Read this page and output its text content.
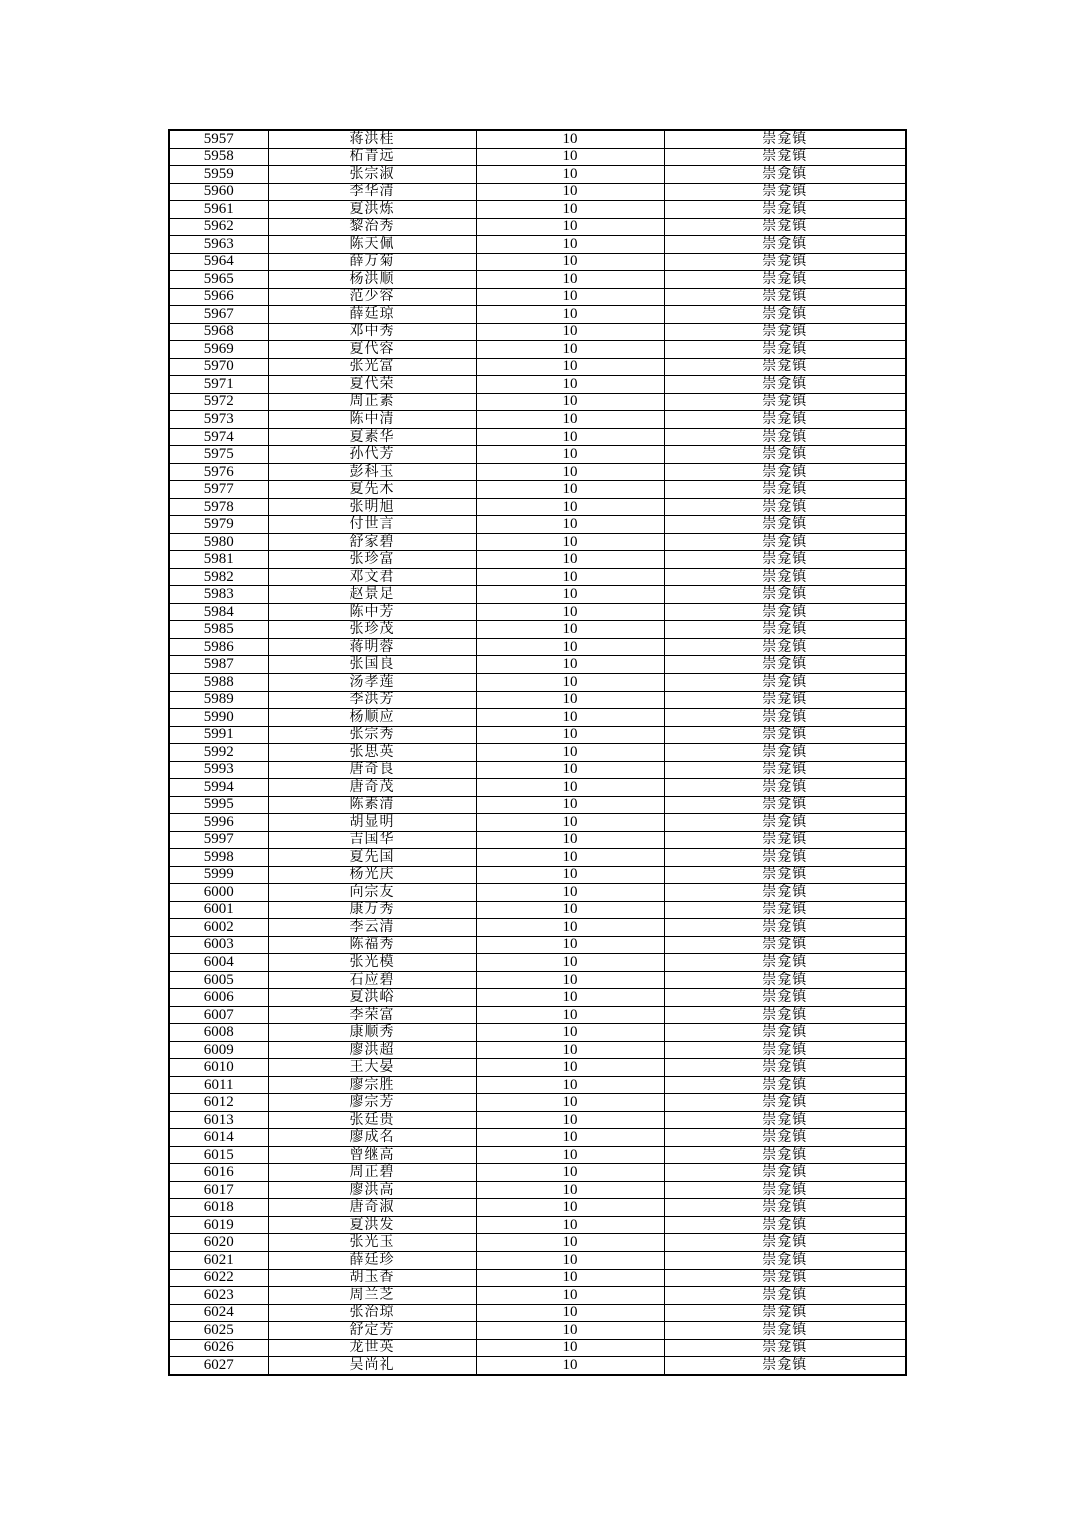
5957	蒋洪桂	10	崇龛镇
5958	柘青远	10	崇龛镇
5959	张宗淑	10	崇龛镇
5960	李华清	10	崇龛镇
5961	夏洪炼	10	崇龛镇
5962	黎治秀	10	崇龛镇
5963	陈天佩	10	崇龛镇
5964	薛万菊	10	崇龛镇
5965	杨洪顺	10	崇龛镇
5966	范少容	10	崇龛镇
5967	薛廷琼	10	崇龛镇
5968	邓中秀	10	崇龛镇
5969	夏代容	10	崇龛镇
5970	张光富	10	崇龛镇
5971	夏代荣	10	崇龛镇
5972	周正素	10	崇龛镇
5973	陈中清	10	崇龛镇
5974	夏素华	10	崇龛镇
5975	孙代芳	10	崇龛镇
5976	彭科玉	10	崇龛镇
5977	夏先木	10	崇龛镇
5978	张明旭	10	崇龛镇
5979	付世言	10	崇龛镇
5980	舒家碧	10	崇龛镇
5981	张珍富	10	崇龛镇
5982	邓文君	10	崇龛镇
5983	赵景足	10	崇龛镇
5984	陈中芳	10	崇龛镇
5985	张珍茂	10	崇龛镇
5986	蒋明蓉	10	崇龛镇
5987	张国良	10	崇龛镇
5988	汤孝莲	10	崇龛镇
5989	李洪芳	10	崇龛镇
5990	杨顺应	10	崇龛镇
5991	张宗秀	10	崇龛镇
5992	张思英	10	崇龛镇
5993	唐奇良	10	崇龛镇
5994	唐奇茂	10	崇龛镇
5995	陈素清	10	崇龛镇
5996	胡显明	10	崇龛镇
5997	吉国华	10	崇龛镇
5998	夏先国	10	崇龛镇
5999	杨光庆	10	崇龛镇
6000	向宗友	10	崇龛镇
6001	康万秀	10	崇龛镇
6002	李云清	10	崇龛镇
6003	陈福秀	10	崇龛镇
6004	张光模	10	崇龛镇
6005	石应碧	10	崇龛镇
6006	夏洪峪	10	崇龛镇
6007	李荣富	10	崇龛镇
6008	康顺秀	10	崇龛镇
6009	廖洪超	10	崇龛镇
6010	王大晏	10	崇龛镇
6011	廖宗胜	10	崇龛镇
6012	廖宗芳	10	崇龛镇
6013	张廷贵	10	崇龛镇
6014	廖成名	10	崇龛镇
6015	曾继高	10	崇龛镇
6016	周正碧	10	崇龛镇
6017	廖洪高	10	崇龛镇
6018	唐奇淑	10	崇龛镇
6019	夏洪发	10	崇龛镇
6020	张光玉	10	崇龛镇
6021	薛廷珍	10	崇龛镇
6022	胡玉香	10	崇龛镇
6023	周兰芝	10	崇龛镇
6024	张治琼	10	崇龛镇
6025	舒定芳	10	崇龛镇
6026	龙世英	10	崇龛镇
6027	吴尚礼	10	崇龛镇
